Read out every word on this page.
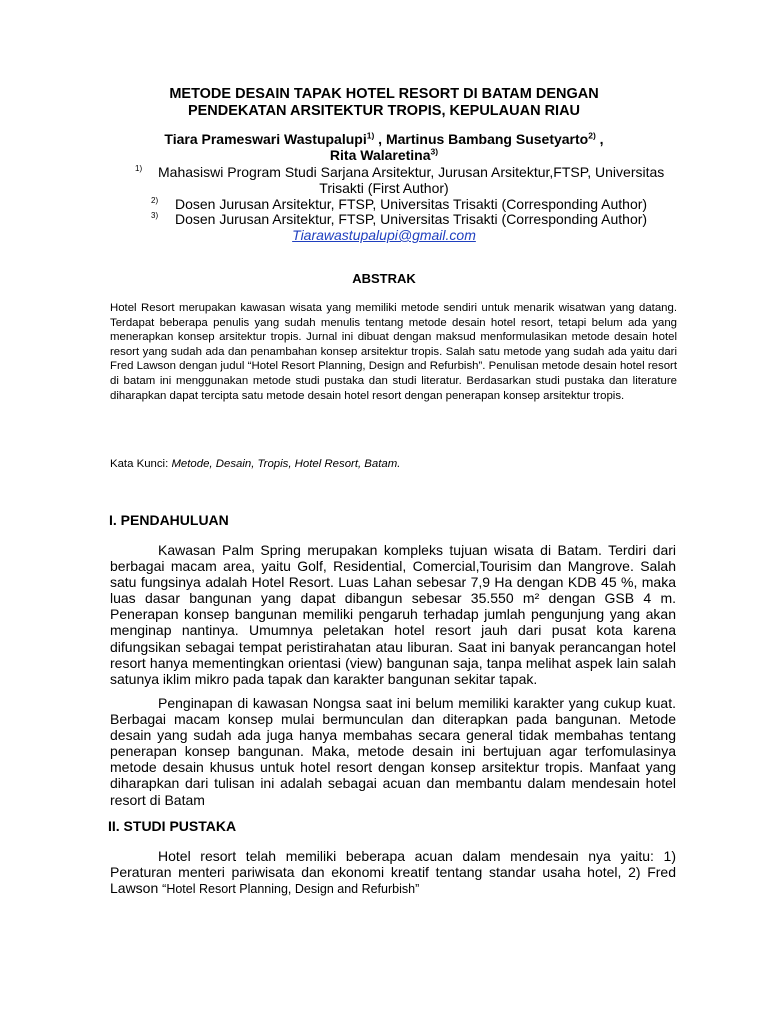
METODE DESAIN TAPAK HOTEL RESORT DI BATAM DENGAN
PENDEKATAN ARSITEKTUR TROPIS, KEPULAUAN RIAU
Tiara Prameswari Wastupalupi$^{1)}$ , Martinus Bambang Susetyarto$^{2)}$ ,
Rita Walaretina$^{3)}$
1) Mahasiswi Program Studi Sarjana Arsitektur, Jurusan Arsitektur,FTSP, Universitas
Trisakti (First Author)
2) Dosen Jurusan Arsitektur, FTSP, Universitas Trisakti (Corresponding Author)
3) Dosen Jurusan Arsitektur, FTSP, Universitas Trisakti (Corresponding Author)
Tiarawastupalupi@gmail.com
ABSTRAK
Hotel Resort merupakan kawasan wisata yang memiliki metode sendiri untuk menarik wisatwan yang datang. Terdapat beberapa penulis yang sudah menulis tentang metode desain hotel resort, tetapi belum ada yang menerapkan konsep arsitektur tropis. Jurnal ini dibuat dengan maksud menformulasikan metode desain hotel resort yang sudah ada dan penambahan konsep arsitektur tropis. Salah satu metode yang sudah ada yaitu dari Fred Lawson dengan judul “Hotel Resort Planning, Design and Refurbish”. Penulisan metode desain hotel resort di batam ini menggunakan metode studi pustaka dan studi literatur. Berdasarkan studi pustaka dan literature diharapkan dapat tercipta satu metode desain hotel resort dengan penerapan konsep arsitektur tropis.
Kata Kunci: Metode, Desain, Tropis, Hotel Resort, Batam.
I. PENDAHULUAN
Kawasan Palm Spring merupakan kompleks tujuan wisata di Batam. Terdiri dari berbagai macam area, yaitu Golf, Residential, Comercial,Tourisim dan Mangrove. Salah satu fungsinya adalah Hotel Resort. Luas Lahan sebesar 7,9 Ha dengan KDB 45 %, maka luas dasar bangunan yang dapat dibangun sebesar 35.550 m² dengan GSB 4 m. Penerapan konsep bangunan memiliki pengaruh terhadap jumlah pengunjung yang akan menginap nantinya. Umumnya peletakan hotel resort jauh dari pusat kota karena difungsikan sebagai tempat peristirahatan atau liburan. Saat ini banyak perancangan hotel resort hanya mementingkan orientasi (view) bangunan saja, tanpa melihat aspek lain salah satunya iklim mikro pada tapak dan karakter bangunan sekitar tapak.
Penginapan di kawasan Nongsa saat ini belum memiliki karakter yang cukup kuat. Berbagai macam konsep mulai bermunculan dan diterapkan pada bangunan. Metode desain yang sudah ada juga hanya membahas secara general tidak membahas tentang penerapan konsep bangunan. Maka, metode desain ini bertujuan agar terfomulasinya metode desain khusus untuk hotel resort dengan konsep arsitektur tropis. Manfaat yang diharapkan dari tulisan ini adalah sebagai acuan dan membantu dalam mendesain hotel resort di Batam
II. STUDI PUSTAKA
Hotel resort telah memiliki beberapa acuan dalam mendesain nya yaitu: 1) Peraturan menteri pariwisata dan ekonomi kreatif tentang standar usaha hotel, 2) Fred Lawson “Hotel Resort Planning, Design and Refurbish”
